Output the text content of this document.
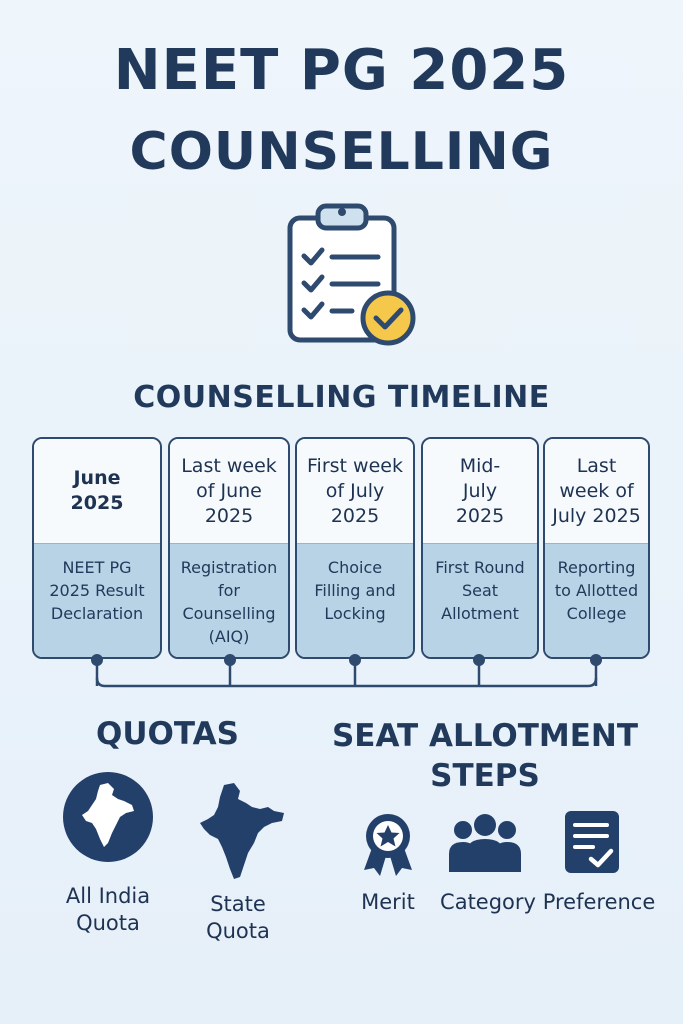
NEET PG 2025
COUNSELLING
COUNSELLING TIMELINE
June 2025
NEET PG 2025 Result Declaration
Last week of June 2025
Registration for Counselling (AIQ)
First week of July 2025
Choice Filling and Locking
Mid-July 2025
First Round Seat Allotment
Last week of July 2025
Reporting to Allotted College
QUOTAS
All India Quota
State Quota
SEAT ALLOTMENT STEPS
Merit	Category Preference
